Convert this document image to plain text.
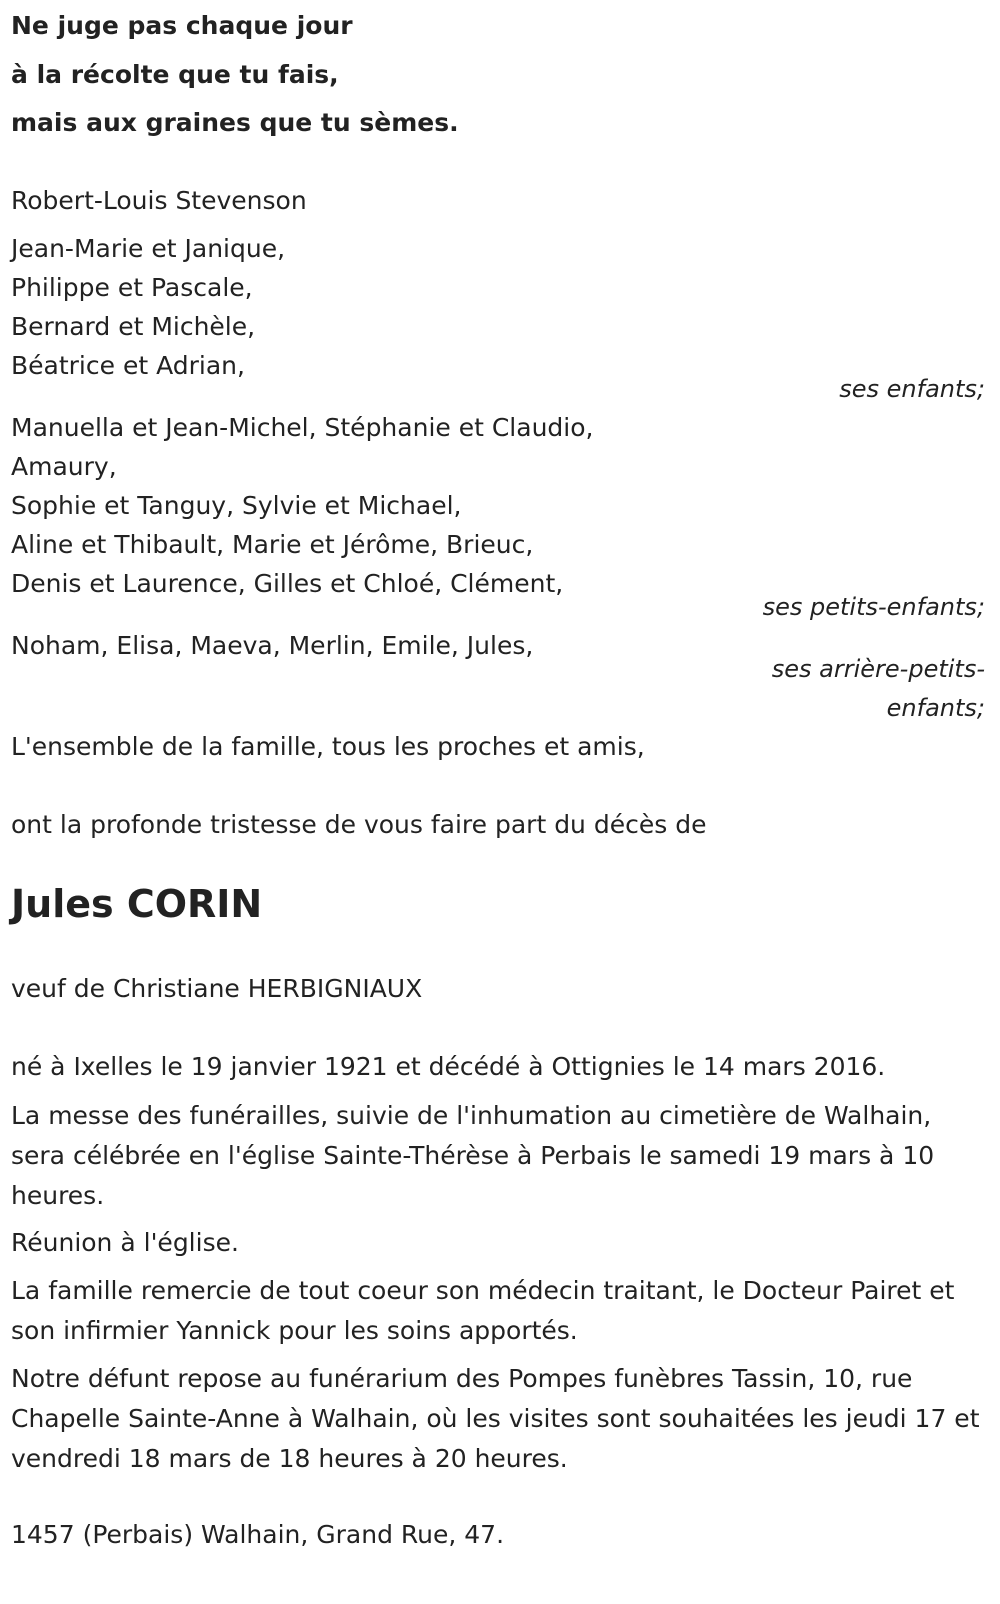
Ne juge pas chaque jour
à la récolte que tu fais,
mais aux graines que tu sèmes.
Robert-Louis Stevenson
Jean-Marie et Janique,
Philippe et Pascale,
Bernard et Michèle,
Béatrice et Adrian,
ses enfants;
Manuella et Jean-Michel, Stéphanie et Claudio,
Amaury,
Sophie et Tanguy, Sylvie et Michael,
Aline et Thibault, Marie et Jérôme, Brieuc,
Denis et Laurence, Gilles et Chloé, Clément,
ses petits-enfants;
Noham, Elisa, Maeva, Merlin, Emile, Jules,
ses arrière-petits-
enfants;
L'ensemble de la famille, tous les proches et amis,
ont la profonde tristesse de vous faire part du décès de
Jules CORIN
veuf de Christiane HERBIGNIAUX
né à Ixelles le 19 janvier 1921 et décédé à Ottignies le 14 mars 2016.
La messe des funérailles, suivie de l'inhumation au cimetière de Walhain, sera célébrée en l'église Sainte-Thérèse à Perbais le samedi 19 mars à 10 heures.
Réunion à l'église.
La famille remercie de tout coeur son médecin traitant, le Docteur Pairet et son infirmier Yannick pour les soins apportés.
Notre défunt repose au funérarium des Pompes funèbres Tassin, 10, rue Chapelle Sainte-Anne à Walhain, où les visites sont souhaitées les jeudi 17 et vendredi 18 mars de 18 heures à 20 heures.
1457 (Perbais) Walhain, Grand Rue, 47.
